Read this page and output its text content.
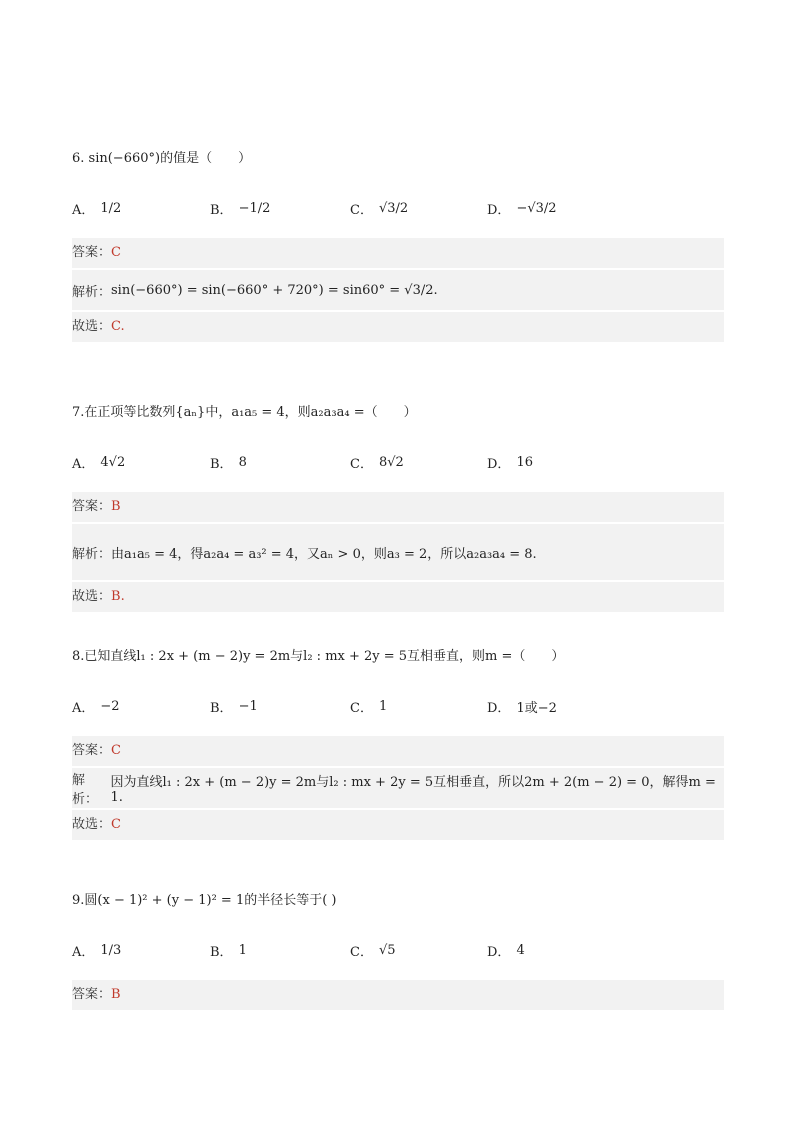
6. sin(−660°)的值是（　　）
A． 1/2	B． −1/2	C． √3/2	D． −√3/2
答案：C
解析： sin(−660°) = sin(−660° + 720°) = sin60° = √3/2.
故选：C.
7.在正项等比数列{aₙ}中，a₁a₅ = 4，则a₂a₃a₄ =（　　）
A． 4√2	B． 8	C． 8√2	D． 16
答案：B
解析： 由a₁a₅ = 4，得a₂a₄ = a₃² = 4，又aₙ > 0，则a₃ = 2，所以a₂a₃a₄ = 8.
故选：B.
8.已知直线l₁ : 2x + (m − 2)y = 2m与l₂ : mx + 2y = 5互相垂直，则m =（　　）
A． −2	B． −1	C． 1	D． 1或−2
答案：C
解析：
因为直线l₁ : 2x + (m − 2)y = 2m与l₂ : mx + 2y = 5互相垂直，所以2m + 2(m − 2) = 0，解得m = 1.
故选：C
9.圆(x − 1)² + (y − 1)² = 1的半径长等于( )
A． 1/3	B． 1	C． √5	D． 4
答案：B
